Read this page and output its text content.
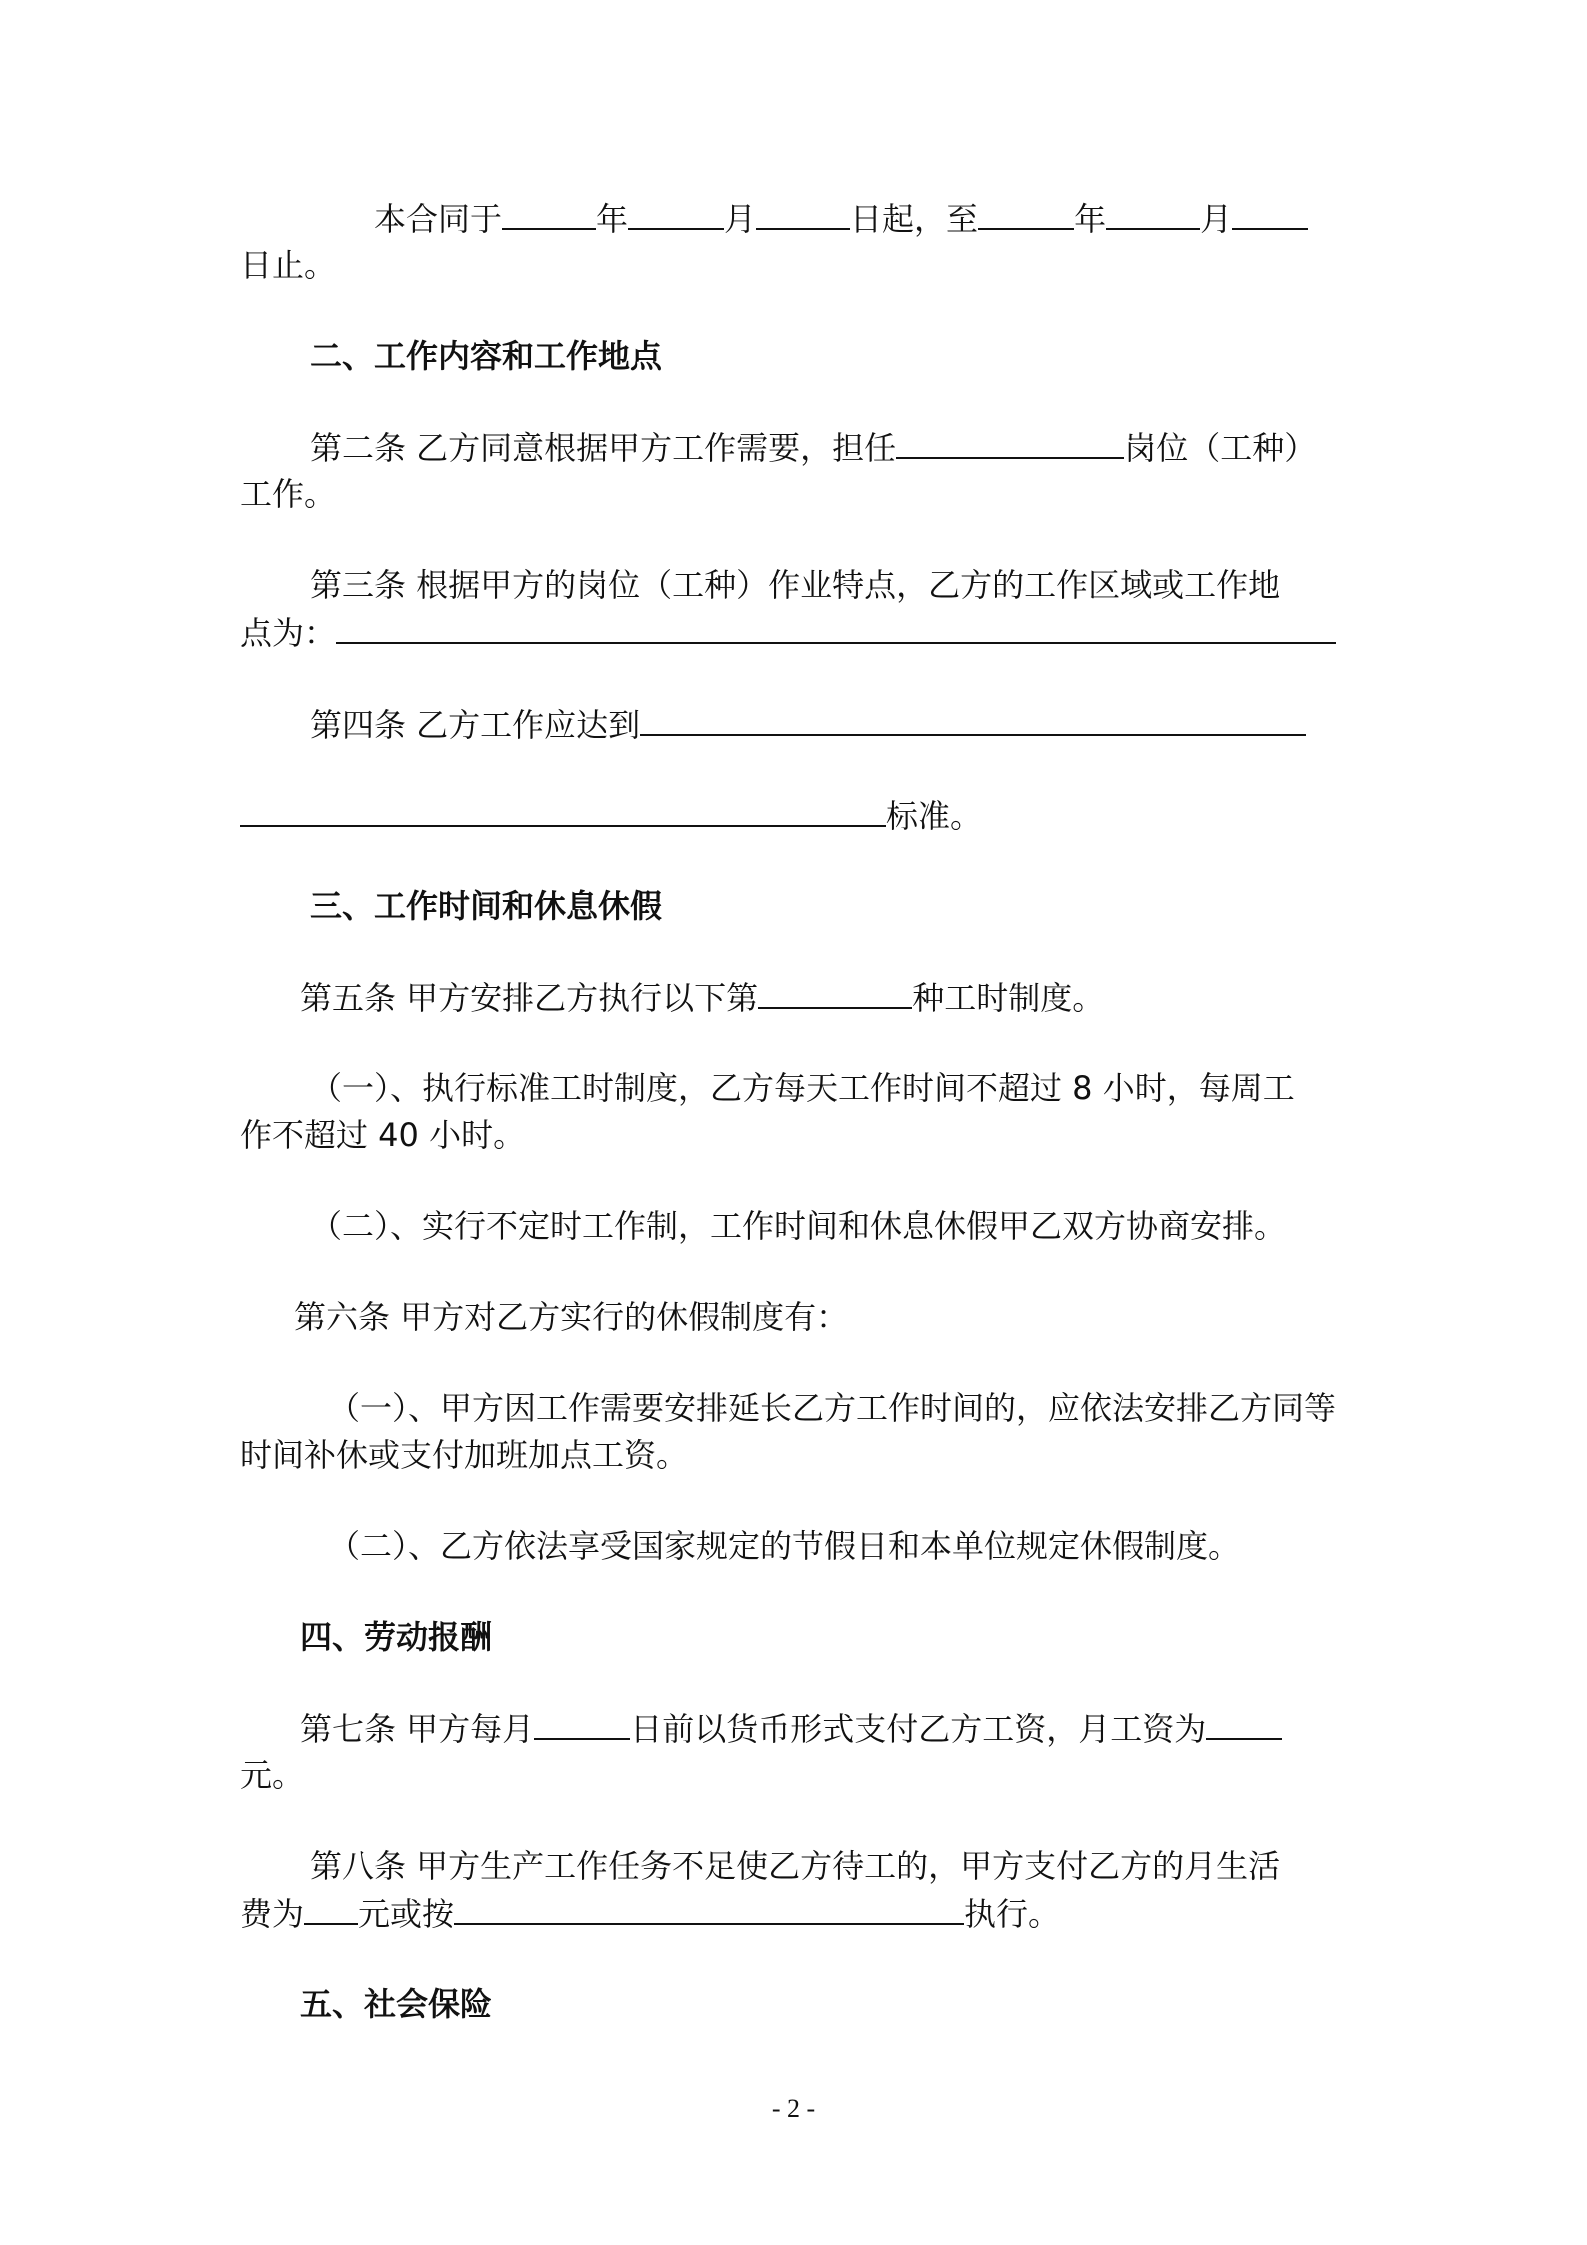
本合同于	年	月	日起，至	年	月
日止。
二、工作内容和工作地点
第二条 乙方同意根据甲方工作需要，担任	岗位（工种）
工作。
第三条 根据甲方的岗位（工种）作业特点，乙方的工作区域或工作地
点为：
第四条 乙方工作应达到
标准。
三、工作时间和休息休假
第五条 甲方安排乙方执行以下第	种工时制度。
（一）、执行标准工时制度，乙方每天工作时间不超过 8 小时，每周工
作不超过 40 小时。
（二）、实行不定时工作制，工作时间和休息休假甲乙双方协商安排。
第六条 甲方对乙方实行的休假制度有：
（一）、甲方因工作需要安排延长乙方工作时间的，应依法安排乙方同等
时间补休或支付加班加点工资。
（二）、乙方依法享受国家规定的节假日和本单位规定休假制度。
四、劳动报酬
第七条 甲方每月	日前以货币形式支付乙方工资，月工资为
元。
第八条 甲方生产工作任务不足使乙方待工的，甲方支付乙方的月生活
费为 元或按	执行。
五、社会保险
- 2 -
